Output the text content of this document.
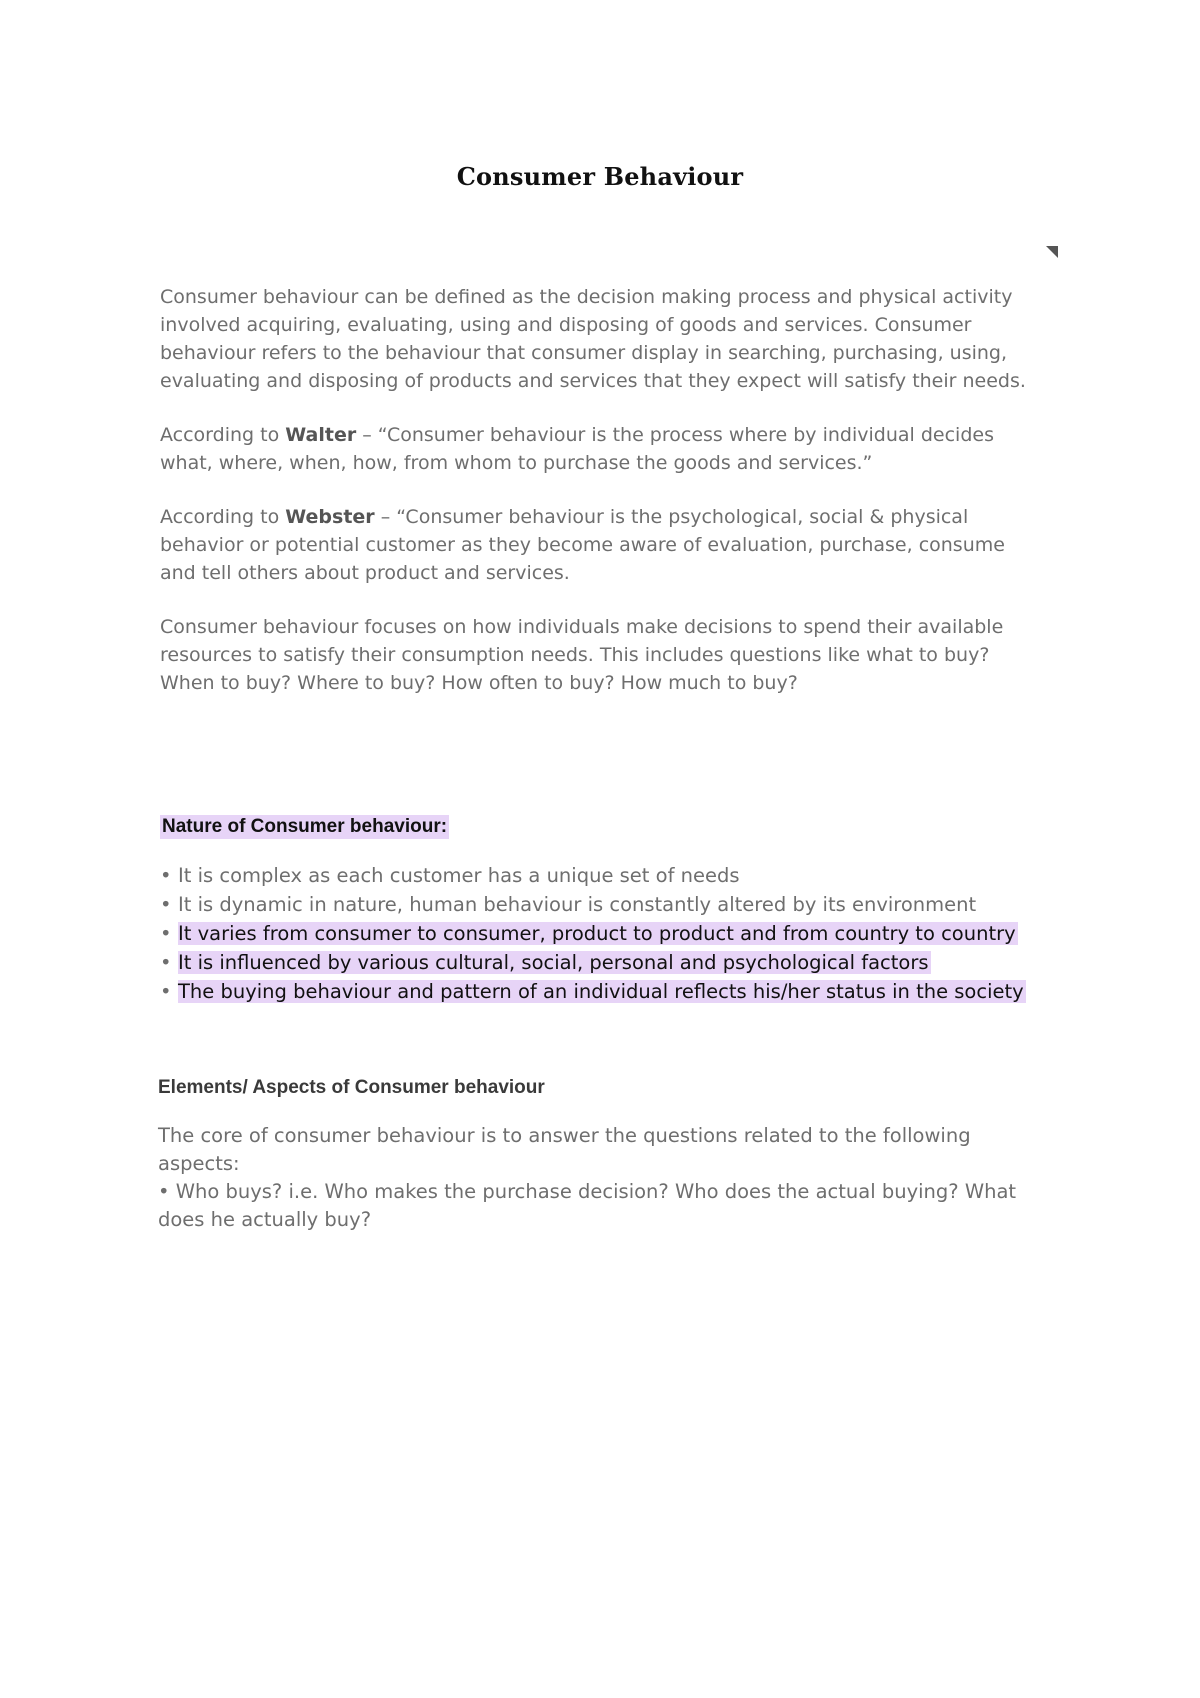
Consumer Behaviour

Consumer behaviour can be defined as the decision making process and physical activity involved acquiring, evaluating, using and disposing of goods and services. Consumer behaviour refers to the behaviour that consumer display in searching, purchasing, using, evaluating and disposing of products and services that they expect will satisfy their needs.

According to Walter – “Consumer behaviour is the process where by individual decides what, where, when, how, from whom to purchase the goods and services.”

According to Webster – “Consumer behaviour is the psychological, social & physical behavior or potential customer as they become aware of evaluation, purchase, consume and tell others about product and services.

Consumer behaviour focuses on how individuals make decisions to spend their available resources to satisfy their consumption needs. This includes questions like what to buy? When to buy? Where to buy? How often to buy? How much to buy?

Nature of Consumer behaviour:
• It is complex as each customer has a unique set of needs
• It is dynamic in nature, human behaviour is constantly altered by its environment
• It varies from consumer to consumer, product to product and from country to country
• It is influenced by various cultural, social, personal and psychological factors
• The buying behaviour and pattern of an individual reflects his/her status in the society
Elements/ Aspects of Consumer behaviour

The core of consumer behaviour is to answer the questions related to the following aspects:

• Who buys? i.e. Who makes the purchase decision? Who does the actual buying? What does he actually buy?
